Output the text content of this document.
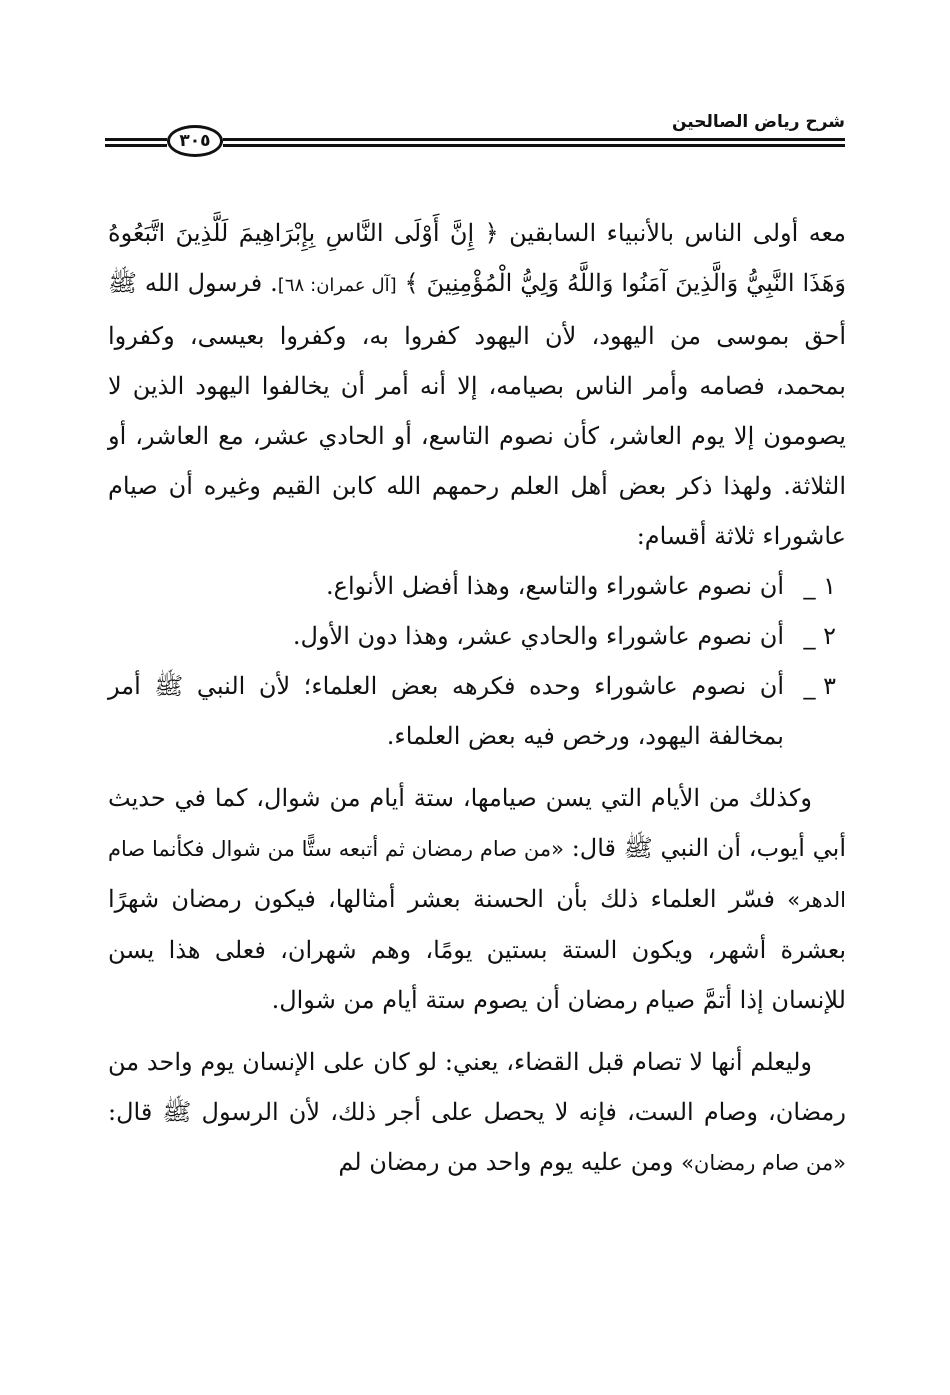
شرح رياض الصالحين
٣٠٥

معه أولى الناس بالأنبياء السابقين ﴿ إِنَّ أَوْلَى النَّاسِ بِإِبْرَاهِيمَ لَلَّذِينَ اتَّبَعُوهُ وَهَذَا النَّبِيُّ وَالَّذِينَ آمَنُوا وَاللَّهُ وَلِيُّ الْمُؤْمِنِينَ ﴾ [آل عمران: ٦٨]. فرسول الله ﷺ أحق بموسى من اليهود، لأن اليهود كفروا به، وكفروا بعيسى، وكفروا بمحمد، فصامه وأمر الناس بصيامه، إلا أنه أمر أن يخالفوا اليهود الذين لا يصومون إلا يوم العاشر، كأن نصوم التاسع، أو الحادي عشر، مع العاشر، أو الثلاثة. ولهذا ذكر بعض أهل العلم رحمهم الله كابن القيم وغيره أن صيام عاشوراء ثلاثة أقسام:

١ _
أن نصوم عاشوراء والتاسع، وهذا أفضل الأنواع.

٢ _
أن نصوم عاشوراء والحادي عشر، وهذا دون الأول.

٣ _
أن نصوم عاشوراء وحده فكرهه بعض العلماء؛ لأن النبي ﷺ أمر بمخالفة اليهود، ورخص فيه بعض العلماء.

وكذلك من الأيام التي يسن صيامها، ستة أيام من شوال، كما في حديث أبي أيوب، أن النبي ﷺ قال: «من صام رمضان ثم أتبعه ستًّا من شوال فكأنما صام الدهر» فسّر العلماء ذلك بأن الحسنة بعشر أمثالها، فيكون رمضان شهرًا بعشرة أشهر، ويكون الستة بستين يومًا، وهم شهران، فعلى هذا يسن للإنسان إذا أتمَّ صيام رمضان أن يصوم ستة أيام من شوال.

وليعلم أنها لا تصام قبل القضاء، يعني: لو كان على الإنسان يوم واحد من رمضان، وصام الست، فإنه لا يحصل على أجر ذلك، لأن الرسول ﷺ قال: «من صام رمضان» ومن عليه يوم واحد من رمضان لم
